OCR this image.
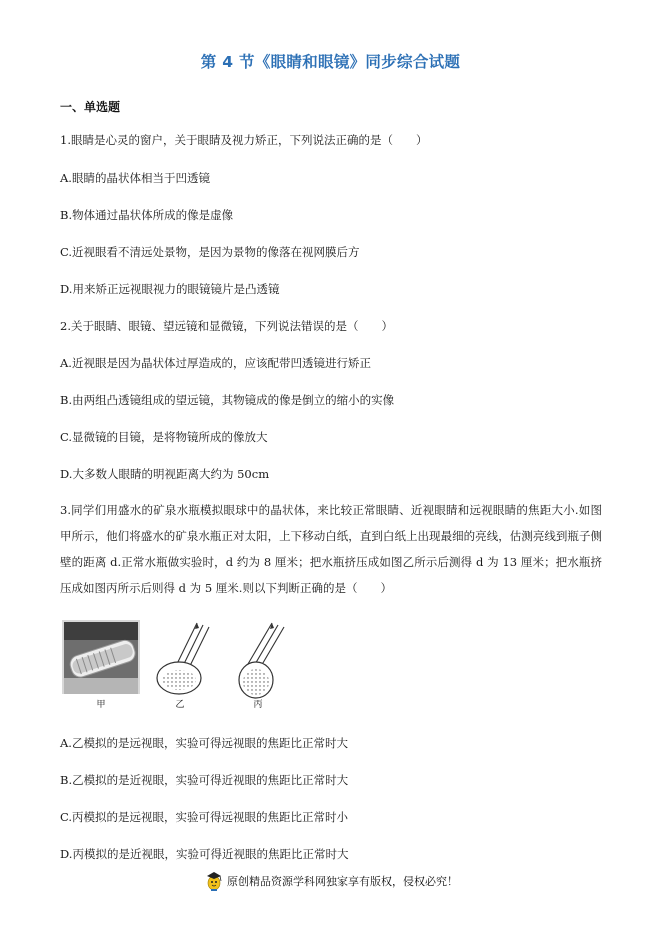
第 4 节《眼睛和眼镜》同步综合试题
一、单选题
1.眼睛是心灵的窗户，关于眼睛及视力矫正，下列说法正确的是（　　）
A.眼睛的晶状体相当于凹透镜
B.物体通过晶状体所成的像是虚像
C.近视眼看不清远处景物，是因为景物的像落在视网膜后方
D.用来矫正远视眼视力的眼镜镜片是凸透镜
2.关于眼睛、眼镜、望远镜和显微镜，下列说法错误的是（　　）
A.近视眼是因为晶状体过厚造成的，应该配带凹透镜进行矫正
B.由两组凸透镜组成的望远镜，其物镜成的像是倒立的缩小的实像
C.显微镜的目镜，是将物镜所成的像放大
D.大多数人眼睛的明视距离大约为 50cm
3.同学们用盛水的矿泉水瓶模拟眼球中的晶状体，来比较正常眼睛、近视眼睛和远视眼睛的焦距大小.如图甲所示，他们将盛水的矿泉水瓶正对太阳，上下移动白纸，直到白纸上出现最细的亮线，估测亮线到瓶子侧壁的距离 d.正常水瓶做实验时，d 约为 8 厘米；把水瓶挤压成如图乙所示后测得 d 为 13 厘米；把水瓶挤压成如图丙所示后则得 d 为 5 厘米.则以下判断正确的是（　　）
甲	乙	丙
A.乙模拟的是远视眼，实验可得远视眼的焦距比正常时大
B.乙模拟的是近视眼，实验可得近视眼的焦距比正常时大
C.丙模拟的是远视眼，实验可得远视眼的焦距比正常时小
D.丙模拟的是近视眼，实验可得近视眼的焦距比正常时大
原创精品资源学科网独家享有版权，侵权必究！
